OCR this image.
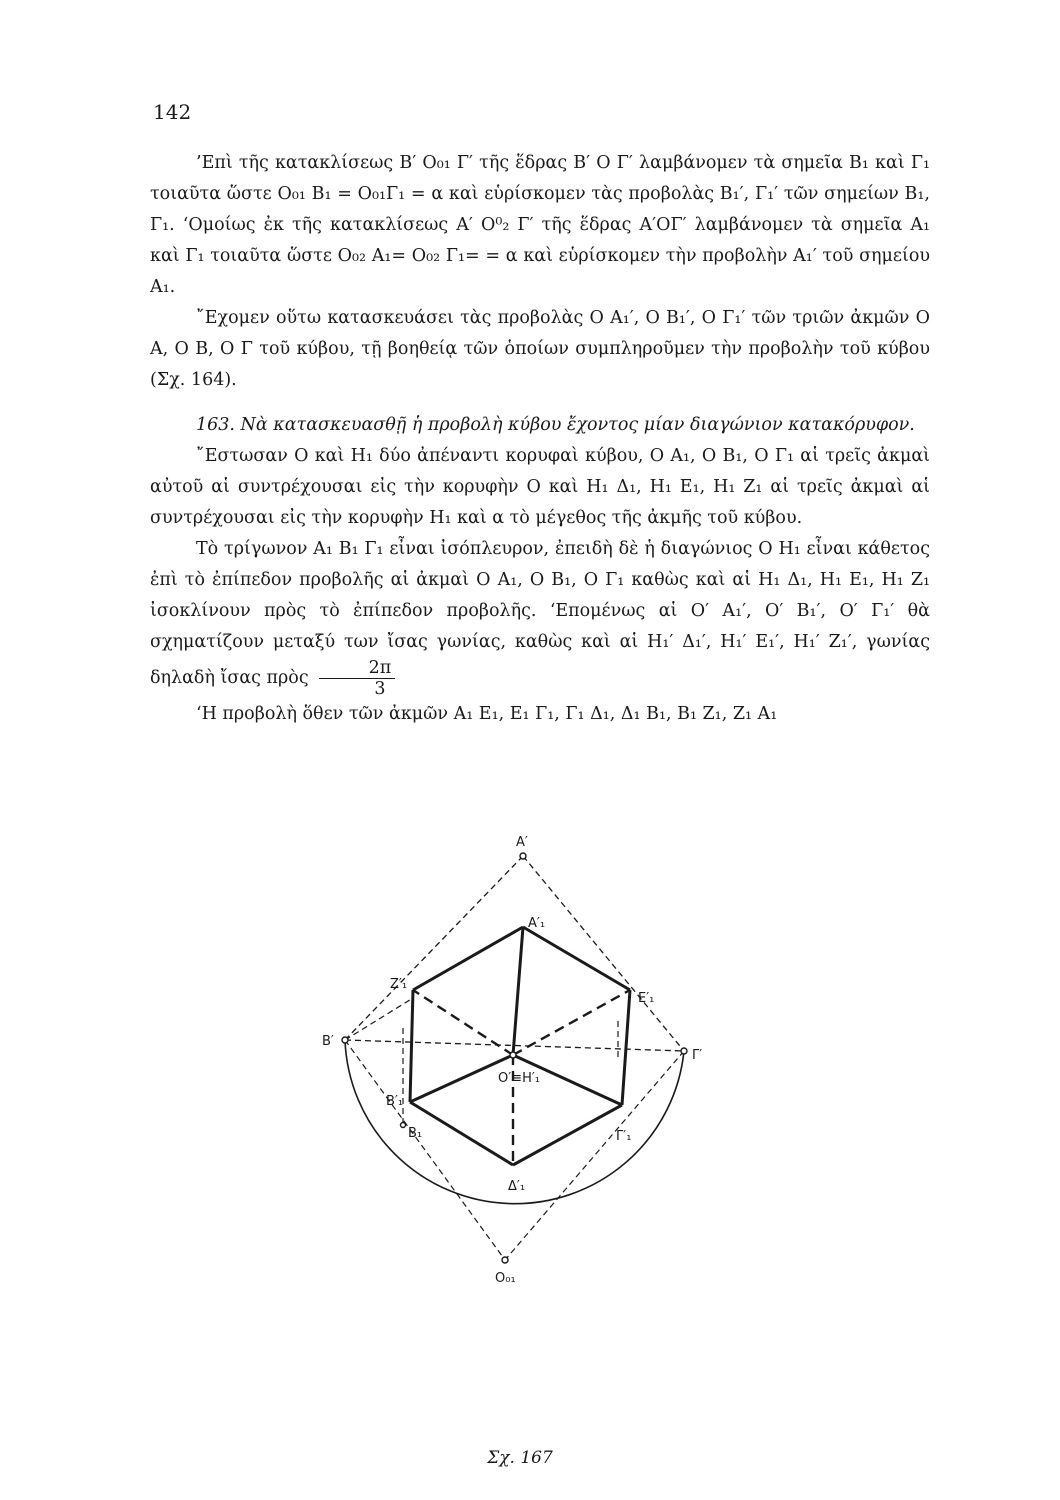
142

’Επὶ τῆς κατακλίσεως Β′ Ο₀₁ Γ′ τῆς ἕδρας Β′ Ο Γ′ λαμβάνομεν τὰ σημεῖα Β₁ καὶ Γ₁ τοιαῦτα ὥστε Ο₀₁ Β₁ = Ο₀₁Γ₁ = α καὶ εὑρίσκομεν τὰς προβολὰς Β₁′, Γ₁′ τῶν σημείων Β₁, Γ₁. ‘Ομοίως ἐκ τῆς κατακλίσεως Α′ Ο⁰₂ Γ′ τῆς ἕδρας Α′ΟΓ′ λαμβάνομεν τὰ σημεῖα Α₁ καὶ Γ₁ τοιαῦτα ὥστε Ο₀₂ Α₁= Ο₀₂ Γ₁= = α καὶ εὑρίσκομεν τὴν προβολὴν Α₁′ τοῦ σημείου Α₁.

῎Εχομεν οὕτω κατασκευάσει τὰς προβολὰς Ο Α₁′, Ο Β₁′, Ο Γ₁′ τῶν τριῶν ἀκμῶν Ο Α, Ο Β, Ο Γ τοῦ κύβου, τῇ βοηθείᾳ τῶν ὁποίων συμπληροῦμεν τὴν προβολὴν τοῦ κύβου (Σχ. 164).

163. Νὰ κατασκευασθῇ ἡ προβολὴ κύβου ἔχοντος μίαν διαγώνιον κατακόρυφον.

῎Εστωσαν Ο καὶ Η₁ δύο ἀπέναντι κορυφαὶ κύβου, Ο Α₁, Ο Β₁, Ο Γ₁ αἱ τρεῖς ἀκμαὶ αὐτοῦ αἱ συντρέχουσαι εἰς τὴν κορυφὴν Ο καὶ Η₁ Δ₁, Η₁ Ε₁, Η₁ Ζ₁ αἱ τρεῖς ἀκμαὶ αἱ συντρέχουσαι εἰς τὴν κορυφὴν Η₁ καὶ α τὸ μέγεθος τῆς ἀκμῆς τοῦ κύβου.

Τὸ τρίγωνον Α₁ Β₁ Γ₁ εἶναι ἰσόπλευρον, ἐπειδὴ δὲ ἡ διαγώνιος Ο Η₁ εἶναι κάθετος ἐπὶ τὸ ἐπίπεδον προβολῆς αἱ ἀκμαὶ Ο Α₁, Ο Β₁, Ο Γ₁ καθὼς καὶ αἱ Η₁ Δ₁, Η₁ Ε₁, Η₁ Ζ₁ ἰσοκλίνουν πρὸς τὸ ἐπίπεδον προβολῆς. ‘Επομένως αἱ Ο′ Α₁′, Ο′ Β₁′, Ο′ Γ₁′ θὰ σχηματίζουν μεταξύ των ἴσας γωνίας, καθὼς καὶ αἱ Η₁′ Δ₁′, Η₁′ Ε₁′, Η₁′ Ζ₁′, γωνίας δηλαδὴ ἴσας πρὸς $\frac{2\pi}{3}$

‘Η προβολὴ ὅθεν τῶν ἀκμῶν Α₁ Ε₁, Ε₁ Γ₁, Γ₁ Δ₁, Δ₁ Β₁, Β₁ Ζ₁, Ζ₁ Α₁

Α′
Α′₁
Ζ′₁
Ε′₁
Ο′≡Η′₁
Β′₁
Β′
Γ′₁
Γ′
Δ′₁
Β₁
Ο₀₁
Σχ. 167
